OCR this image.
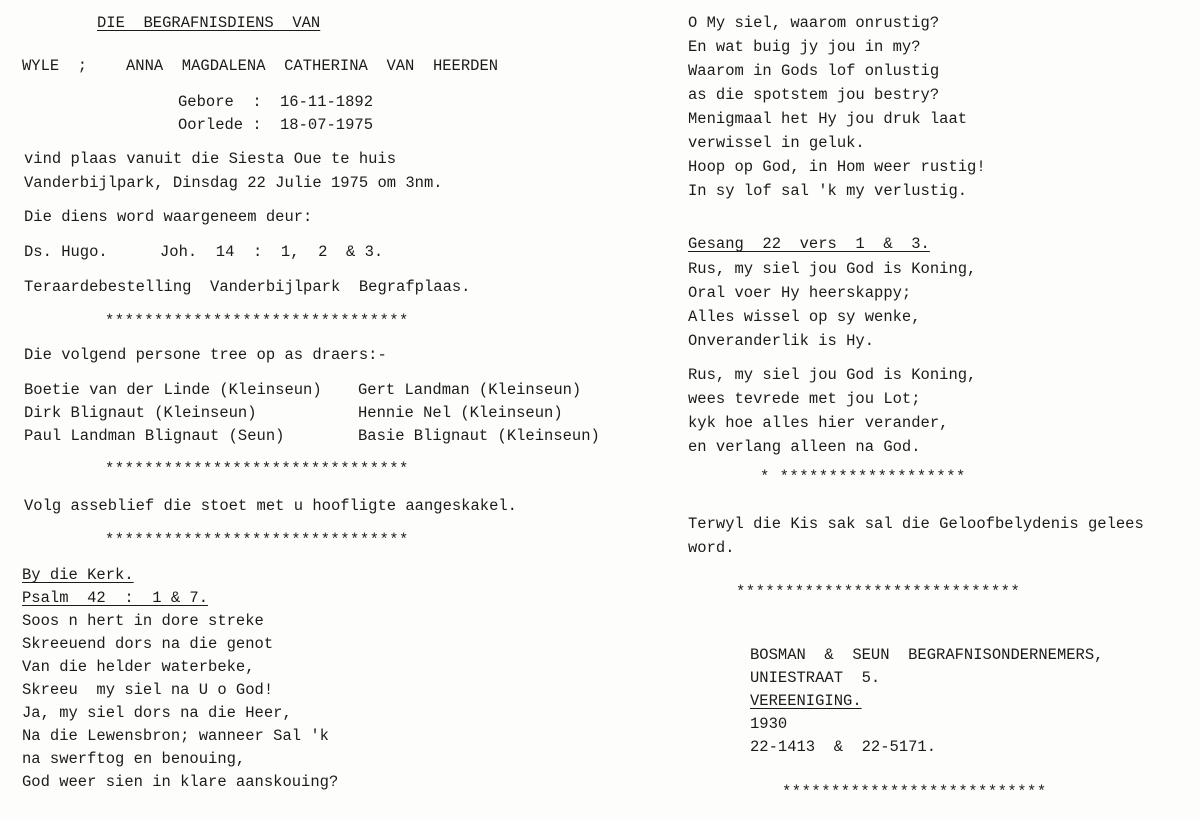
DIE  BEGRAFNISDIENS  VAN
WYLE  ;	ANNA  MAGDALENA  CATHERINA  VAN  HEERDEN
Gebore  : 16-11-1892
Oorlede : 18-07-1975
vind plaas vanuit die Siesta Oue te huis
Vanderbijlpark, Dinsdag 22 Julie 1975 om 3nm.
Die diens word waargeneem deur:
Ds. Hugo.	Joh.  14  :  1,  2  & 3.
Teraardebestelling  Vanderbijlpark  Begrafplaas.
*******************************
Die volgend persone tree op as draers:-
Boetie van der Linde (Kleinseun) Gert Landman (Kleinseun)
Dirk Blignaut (Kleinseun)	Hennie Nel (Kleinseun)
Paul Landman Blignaut (Seun)	Basie Blignaut (Kleinseun)
*******************************
Volg asseblief die stoet met u hoofligte aangeskakel.
*******************************
By die Kerk.
Psalm  42  :  1 & 7.
Soos n hert in dore streke
Skreeuend dors na die genot
Van die helder waterbeke,
Skreeu  my siel na U o God!
Ja, my siel dors na die Heer,
Na die Lewensbron; wanneer Sal 'k
na swerftog en benouing,
God weer sien in klare aanskouing?
O My siel, waarom onrustig?
En wat buig jy jou in my?
Waarom in Gods lof onlustig
as die spotstem jou bestry?
Menigmaal het Hy jou druk laat
verwissel in geluk.
Hoop op God, in Hom weer rustig!
In sy lof sal 'k my verlustig.
Gesang  22  vers  1  &  3.
Rus, my siel jou God is Koning,
Oral voer Hy heerskappy;
Alles wissel op sy wenke,
Onveranderlik is Hy.
Rus, my siel jou God is Koning,
wees tevrede met jou Lot;
kyk hoe alles hier verander,
en verlang alleen na God.
* *******************
Terwyl die Kis sak sal die Geloofbelydenis gelees
word.
*****************************
BOSMAN  &  SEUN  BEGRAFNISONDERNEMERS,
UNIESTRAAT  5.
VEREENIGING.
1930
22-1413  &  22-5171.
***************************
